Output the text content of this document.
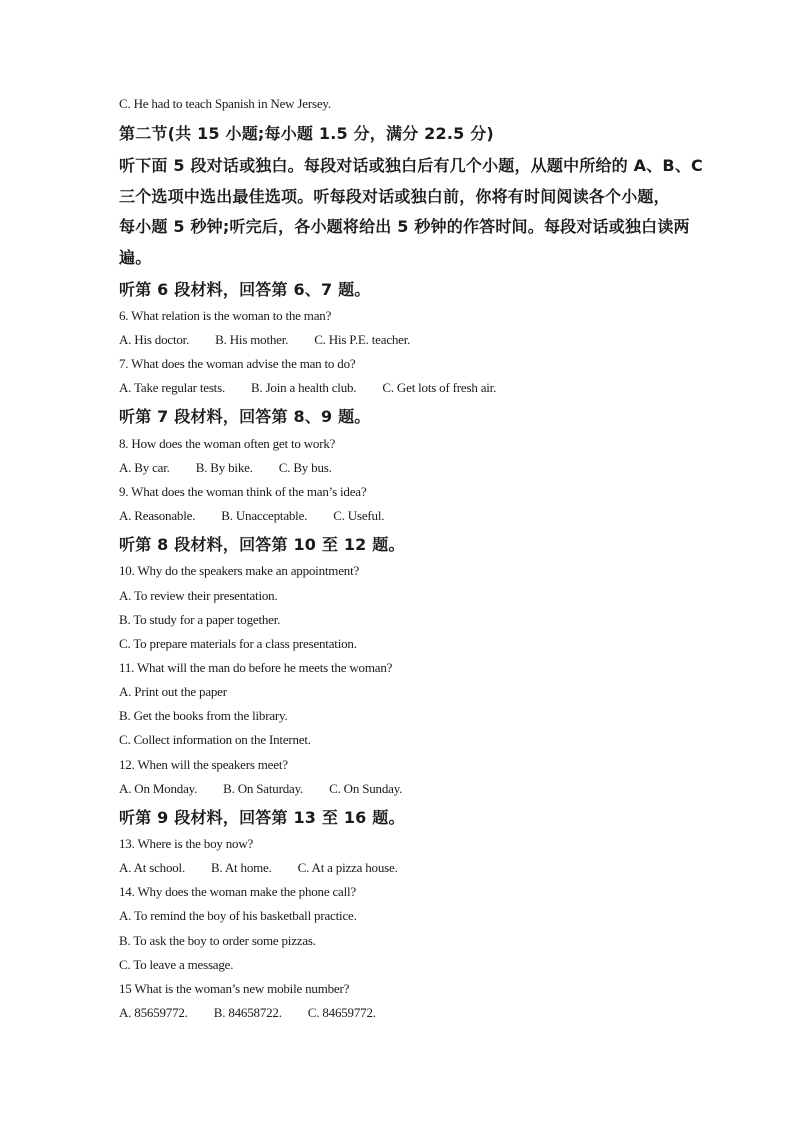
C. He had to teach Spanish in New Jersey.
第二节(共 15 小题;每小题 1.5 分，满分 22.5 分)
听下面 5 段对话或独白。每段对话或独白后有几个小题，从题中所给的 A、B、C
三个选项中选出最佳选项。听每段对话或独白前，你将有时间阅读各个小题，
每小题 5 秒钟;听完后，各小题将给出 5 秒钟的作答时间。每段对话或独白读两
遍。
听第 6 段材料，回答第 6、7 题。
6. What relation is the woman to the man?
A. His doctor. B. His mother. C. His P.E. teacher.
7. What does the woman advise the man to do?
A. Take regular tests. B. Join a health club. C. Get lots of fresh air.
听第 7 段材料，回答第 8、9 题。
8. How does the woman often get to work?
A. By car. B. By bike. C. By bus.
9. What does the woman think of the man’s idea?
A. Reasonable. B. Unacceptable. C. Useful.
听第 8 段材料，回答第 10 至 12 题。
10. Why do the speakers make an appointment?
A. To review their presentation.
B. To study for a paper together.
C. To prepare materials for a class presentation.
11. What will the man do before he meets the woman?
A. Print out the paper
B. Get the books from the library.
C. Collect information on the Internet.
12. When will the speakers meet?
A. On Monday. B. On Saturday. C. On Sunday.
听第 9 段材料，回答第 13 至 16 题。
13. Where is the boy now?
A. At school. B. At home. C. At a pizza house.
14. Why does the woman make the phone call?
A. To remind the boy of his basketball practice.
B. To ask the boy to order some pizzas.
C. To leave a message.
15 What is the woman’s new mobile number?
A. 85659772. B. 84658722. C. 84659772.
